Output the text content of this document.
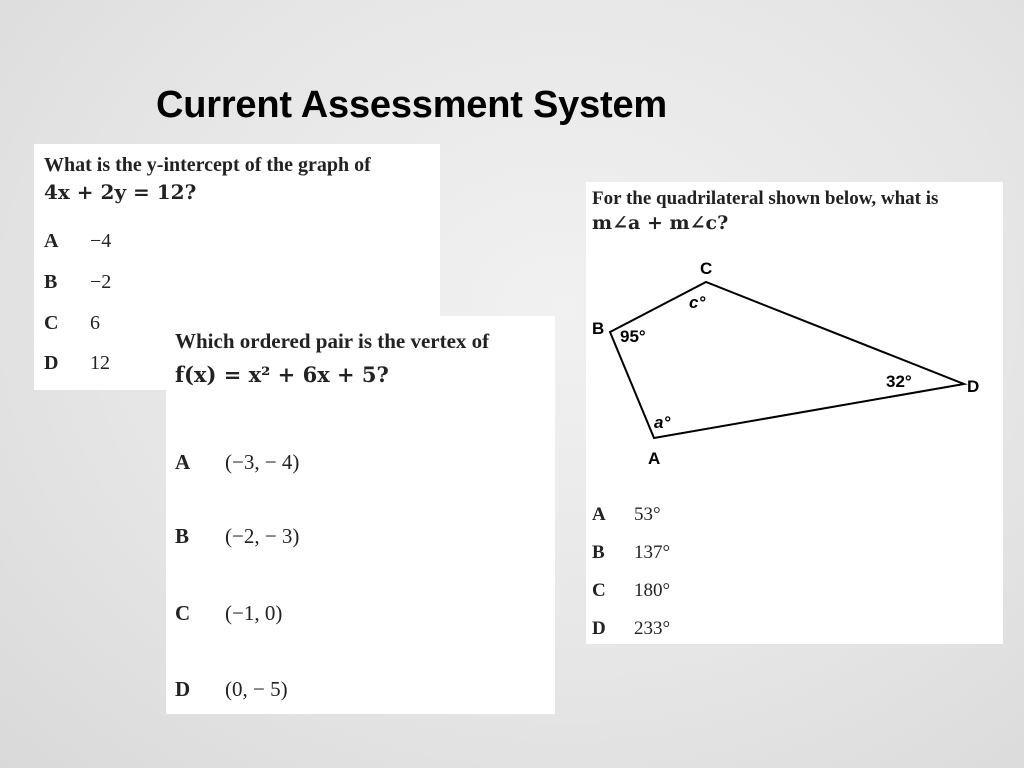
Current Assessment System
What is the y-intercept of the graph of
4x + 2y = 12?
A −4
B −2
C 6
D 12
Which ordered pair is the vertex of
f(x) = x² + 6x + 5?
A (−3, − 4)
B (−2, − 3)
C (−1, 0)
D (0, − 5)
For the quadrilateral shown below, what is
m∠a + m∠c?
C
B
D
A
c°
95°
32°
a°
A 53°
B 137°
C 180°
D 233°
